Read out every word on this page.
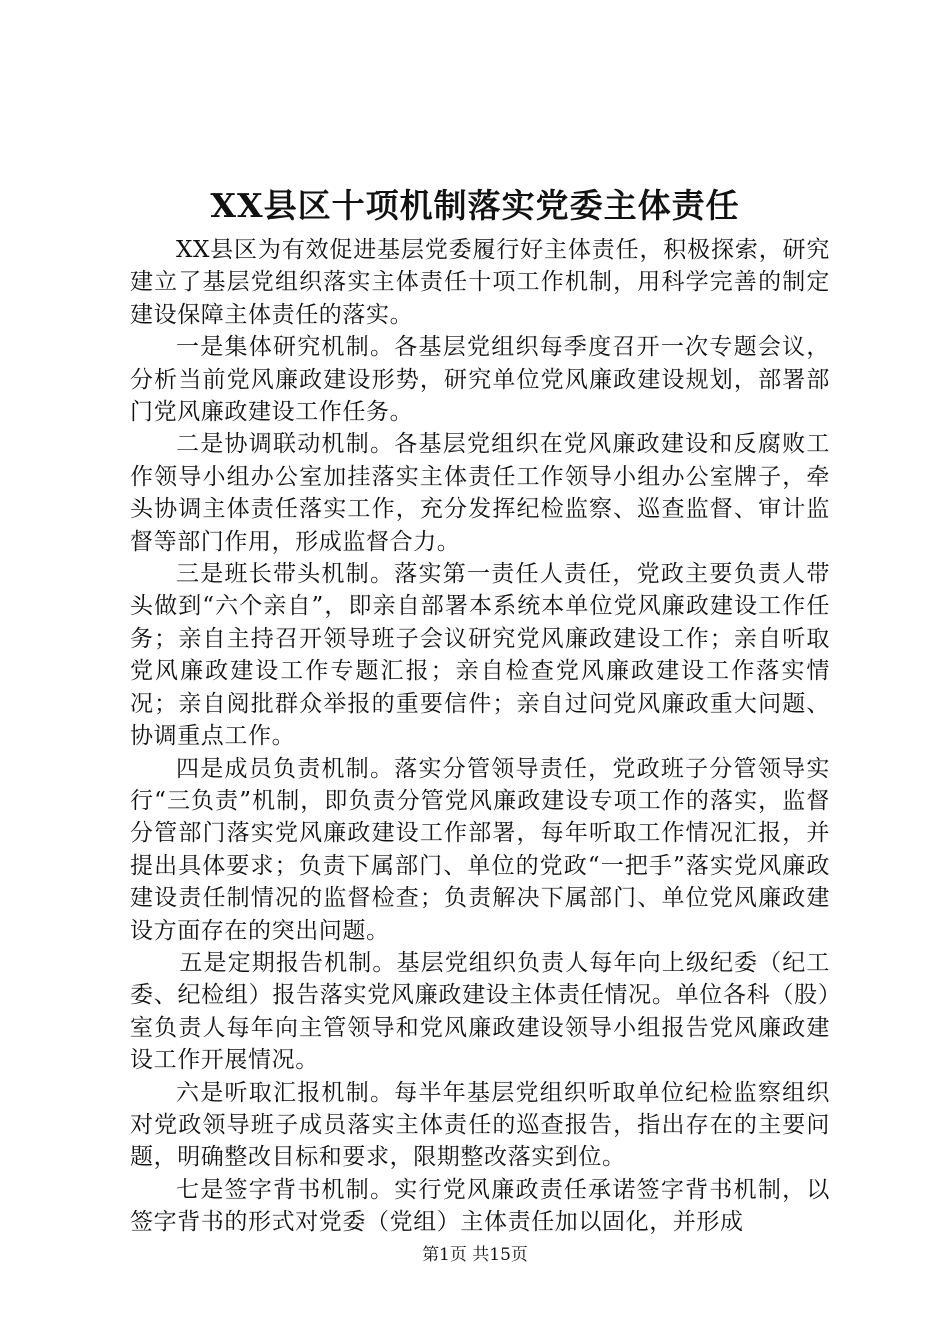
XX县区十项机制落实党委主体责任

XX县区为有效促进基层党委履行好主体责任，积极探索，研究建立了基层党组织落实主体责任十项工作机制，用科学完善的制定建设保障主体责任的落实。

一是集体研究机制。各基层党组织每季度召开一次专题会议，分析当前党风廉政建设形势，研究单位党风廉政建设规划，部署部门党风廉政建设工作任务。

二是协调联动机制。各基层党组织在党风廉政建设和反腐败工作领导小组办公室加挂落实主体责任工作领导小组办公室牌子，牵头协调主体责任落实工作，充分发挥纪检监察、巡查监督、审计监督等部门作用，形成监督合力。

三是班长带头机制。落实第一责任人责任，党政主要负责人带头做到“六个亲自”，即亲自部署本系统本单位党风廉政建设工作任务；亲自主持召开领导班子会议研究党风廉政建设工作；亲自听取党风廉政建设工作专题汇报；亲自检查党风廉政建设工作落实情况；亲自阅批群众举报的重要信件；亲自过问党风廉政重大问题、协调重点工作。

四是成员负责机制。落实分管领导责任，党政班子分管领导实行“三负责”机制，即负责分管党风廉政建设专项工作的落实，监督分管部门落实党风廉政建设工作部署，每年听取工作情况汇报，并提出具体要求；负责下属部门、单位的党政“一把手”落实党风廉政建设责任制情况的监督检查；负责解决下属部门、单位党风廉政建设方面存在的突出问题。

五是定期报告机制。基层党组织负责人每年向上级纪委（纪工委、纪检组）报告落实党风廉政建设主体责任情况。单位各科（股）室负责人每年向主管领导和党风廉政建设领导小组报告党风廉政建设工作开展情况。

六是听取汇报机制。每半年基层党组织听取单位纪检监察组织对党政领导班子成员落实主体责任的巡查报告，指出存在的主要问题，明确整改目标和要求，限期整改落实到位。

七是签字背书机制。实行党风廉政责任承诺签字背书机制，以签字背书的形式对党委（党组）主体责任加以固化，并形成

第1页 共15页
